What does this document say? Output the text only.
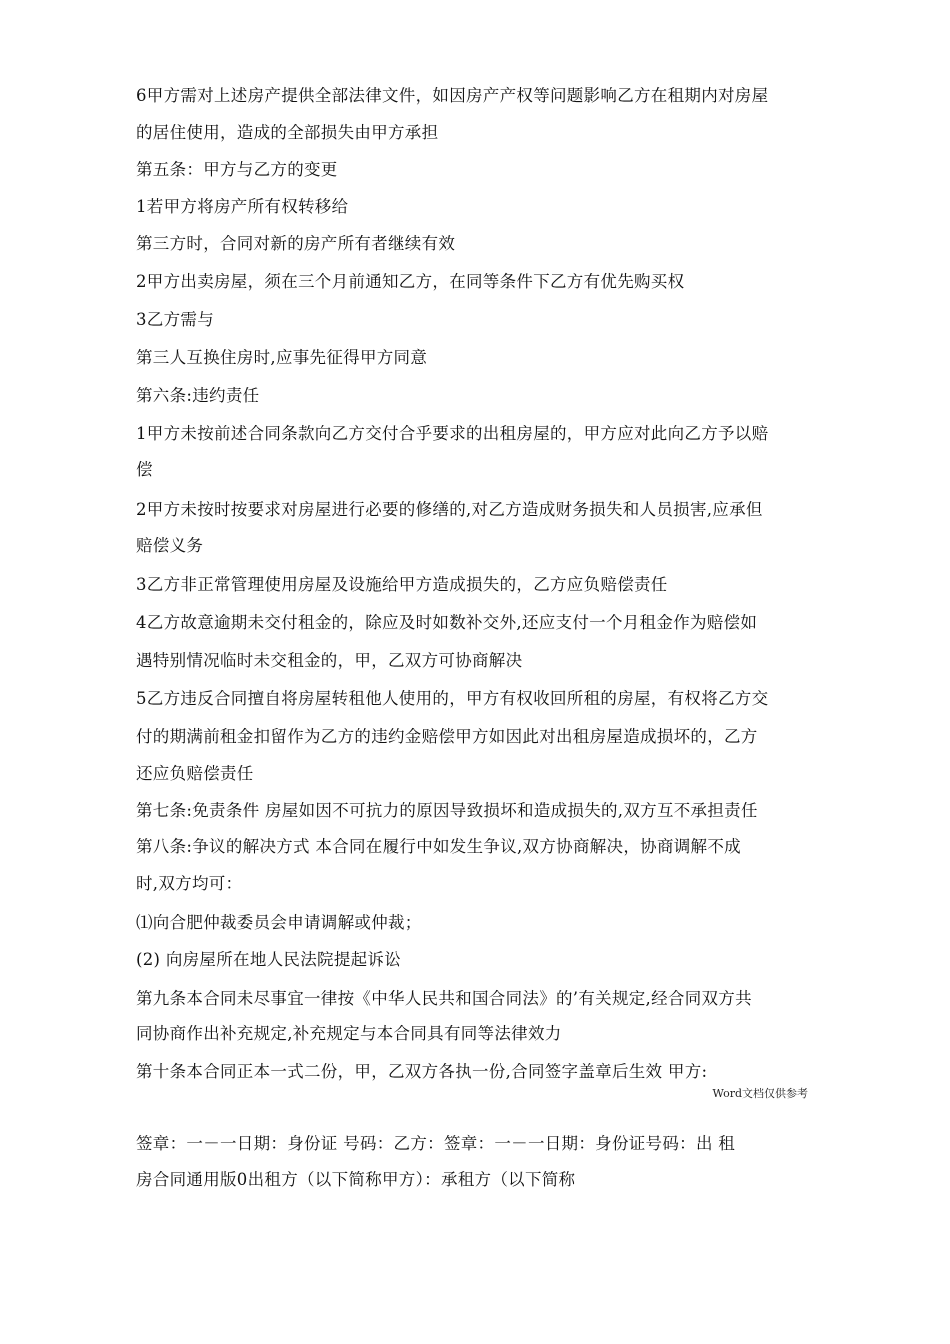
6甲方需对上述房产提供全部法律文件，如因房产产权等问题影响乙方在租期内对房屋
的居住使用，造成的全部损失由甲方承担
第五条：甲方与乙方的变更
1若甲方将房产所有权转移给
第三方时，合同对新的房产所有者继续有效
2甲方出卖房屋，须在三个月前通知乙方，在同等条件下乙方有优先购买权
3乙方需与
第三人互换住房时,应事先征得甲方同意
第六条:违约责任
1甲方未按前述合同条款向乙方交付合乎要求的出租房屋的，甲方应对此向乙方予以赔
偿
2甲方未按时按要求对房屋进行必要的修缮的,对乙方造成财务损失和人员损害,应承但
赔偿义务
3乙方非正常管理使用房屋及设施给甲方造成损失的，乙方应负赔偿责任
4乙方故意逾期未交付租金的，除应及时如数补交外,还应支付一个月租金作为赔偿如
遇特别情况临时未交租金的，甲，乙双方可协商解决
5乙方违反合同擅自将房屋转租他人使用的，甲方有权收回所租的房屋，有权将乙方交
付的期满前租金扣留作为乙方的违约金赔偿甲方如因此对出租房屋造成损坏的，乙方
还应负赔偿责任
第七条:免责条件 房屋如因不可抗力的原因导致损坏和造成损失的,双方互不承担责任
第八条:争议的解决方式 本合同在履行中如发生争议,双方协商解决，协商调解不成
时,双方均可：
⑴向合肥仲裁委员会申请调解或仲裁；
(2) 向房屋所在地人民法院提起诉讼
第九条本合同未尽事宜一律按《中华人民共和国合同法》的’有关规定,经合同双方共
同协商作出补充规定,补充规定与本合同具有同等法律效力
第十条本合同正本一式二份，甲，乙双方各执一份,合同签字盖章后生效 甲方:
Word文档仅供参考
签章：一－一日期：身份证 号码：乙方：签章：一－一日期：身份证号码：出 租
房合同通用版0出租方（以下简称甲方）：承租方（以下简称
